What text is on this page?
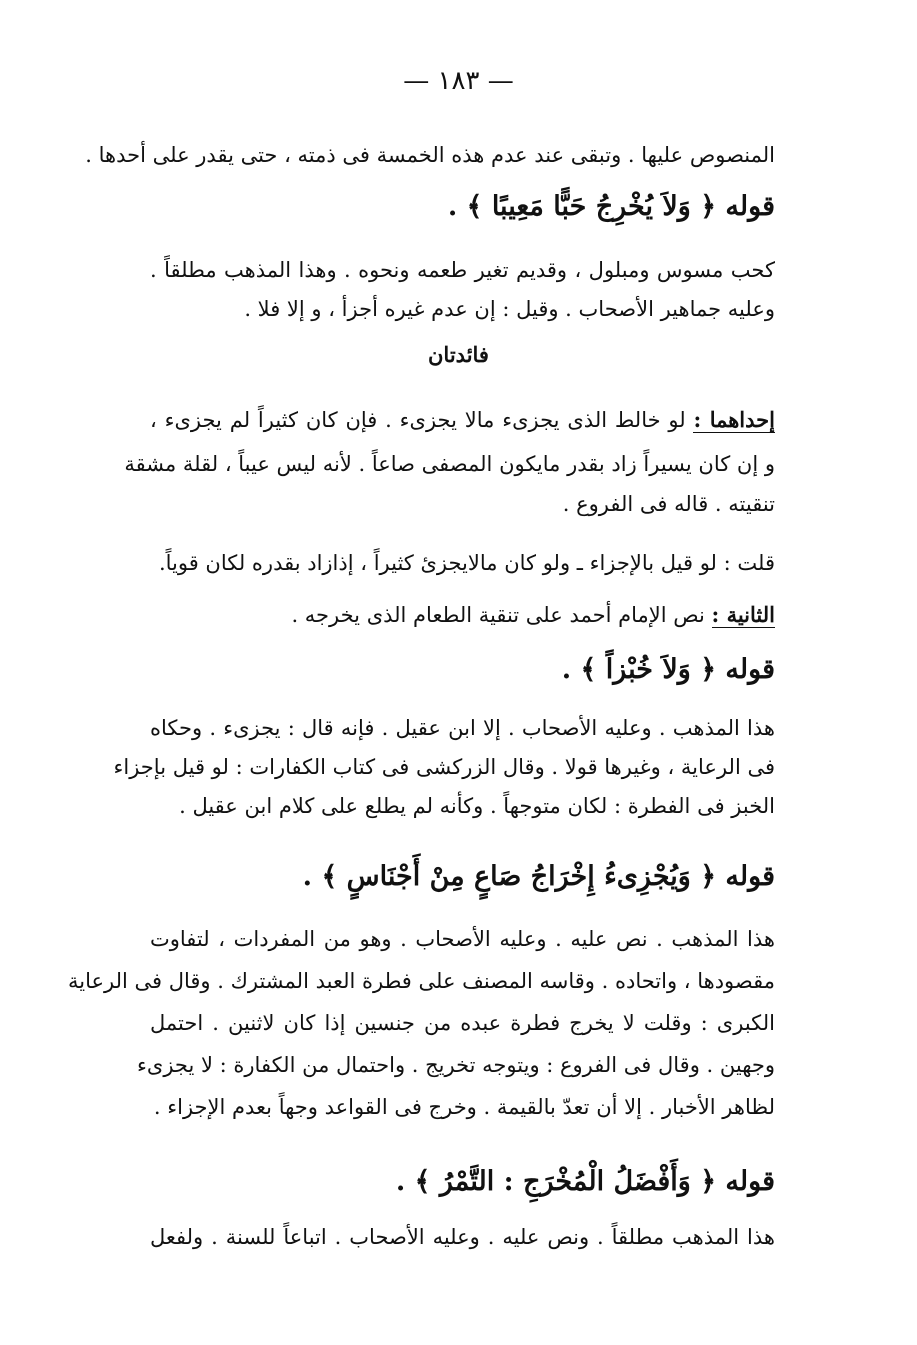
— ١٨٣ —
المنصوص عليها . وتبقى عند عدم هذه الخمسة فى ذمته ، حتى يقدر على أحدها .
قوله ﴿ وَلاَ يُخْرِجُ حَبًّا مَعِيبًا ﴾ .
كحب مسوس ومبلول ، وقديم تغير طعمه ونحوه . وهذا المذهب مطلقاً .
وعليه جماهير الأصحاب . وقيل : إن عدم غيره أجزأ ، و إلا فلا .
فائدتان
إحداهما : لو خالط الذى يجزىء مالا يجزىء . فإن كان كثيراً لم يجزىء ،
و إن كان يسيراً زاد بقدر مايكون المصفى صاعاً . لأنه ليس عيباً ، لقلة مشقة
تنقيته . قاله فى الفروع .
قلت : لو قيل بالإجزاء ـ ولو كان مالايجزئ كثيراً ، إذازاد بقدره لكان قوياً.
الثانية : نص الإمام أحمد على تنقية الطعام الذى يخرجه .
قوله ﴿ وَلاَ خُبْزاً ﴾ .
هذا المذهب . وعليه الأصحاب . إلا ابن عقيل . فإنه قال : يجزىء . وحكاه
فى الرعاية ، وغيرها قولا . وقال الزركشى فى كتاب الكفارات : لو قيل بإجزاء
الخبز فى الفطرة : لكان متوجهاً . وكأنه لم يطلع على كلام ابن عقيل .
قوله ﴿ وَيُجْزِىءُ إِخْرَاجُ صَاعٍ مِنْ أَجْنَاسٍ ﴾ .
هذا المذهب . نص عليه . وعليه الأصحاب . وهو من المفردات ، لتفاوت
مقصودها ، واتحاده . وقاسه المصنف على فطرة العبد المشترك . وقال فى الرعاية
الكبرى : وقلت لا يخرج فطرة عبده من جنسين إذا كان لاثنين . احتمل
وجهين . وقال فى الفروع : ويتوجه تخريج . واحتمال من الكفارة : لا يجزىء
لظاهر الأخبار . إلا أن تعدّ بالقيمة . وخرج فى القواعد وجهاً بعدم الإجزاء .
قوله ﴿ وَأَفْضَلُ الْمُخْرَجِ : التَّمْرُ ﴾ .
هذا المذهب مطلقاً . ونص عليه . وعليه الأصحاب . اتباعاً للسنة . ولفعل
